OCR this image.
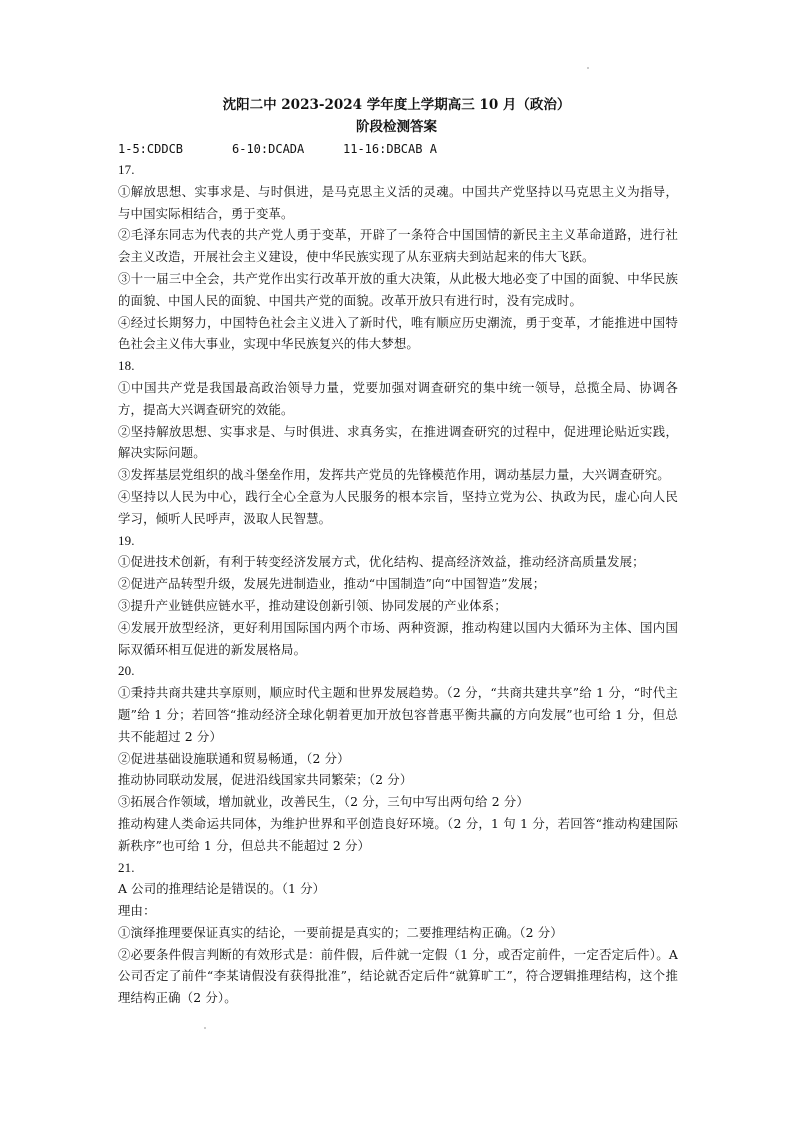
沈阳二中 2023-2024 学年度上学期高三 10 月（政治）
阶段检测答案
1-5:CDDCB	6-10:DCADA	11-16:DBCAB A

17.

①解放思想、实事求是、与时俱进，是马克思主义活的灵魂。中国共产党坚持以马克思主义为指导，与中国实际相结合，勇于变革。

②毛泽东同志为代表的共产党人勇于变革，开辟了一条符合中国国情的新民主主义革命道路，进行社会主义改造，开展社会主义建设，使中华民族实现了从东亚病夫到站起来的伟大飞跃。

③十一届三中全会，共产党作出实行改革开放的重大决策，从此极大地必变了中国的面貌、中华民族的面貌、中国人民的面貌、中国共产党的面貌。改革开放只有进行时，没有完成时。

④经过长期努力，中国特色社会主义进入了新时代，唯有顺应历史潮流，勇于变革，才能推进中国特色社会主义伟大事业，实现中华民族复兴的伟大梦想。

18.

①中国共产党是我国最高政治领导力量，党要加强对调查研究的集中统一领导，总揽全局、协调各方，提高大兴调查研究的效能。

②坚持解放思想、实事求是、与时俱进、求真务实，在推进调查研究的过程中，促进理论贴近实践，解决实际问题。

③发挥基层党组织的战斗堡垒作用，发挥共产党员的先锋模范作用，调动基层力量，大兴调查研究。

④坚持以人民为中心，践行全心全意为人民服务的根本宗旨，坚持立党为公、执政为民，虚心向人民学习，倾听人民呼声，汲取人民智慧。

19.

①促进技术创新，有利于转变经济发展方式，优化结构、提高经济效益，推动经济高质量发展；

②促进产品转型升级，发展先进制造业，推动“中国制造”向“中国智造”发展；

③提升产业链供应链水平，推动建设创新引领、协同发展的产业体系；

④发展开放型经济，更好利用国际国内两个市场、两种资源，推动构建以国内大循环为主体、国内国际双循环相互促进的新发展格局。

20.

①秉持共商共建共享原则，顺应时代主题和世界发展趋势。（2 分，“共商共建共享”给 1 分，“时代主题”给 1 分；若回答“推动经济全球化朝着更加开放包容普惠平衡共赢的方向发展”也可给 1 分，但总共不能超过 2 分）

②促进基础设施联通和贸易畅通，（2 分）

推动协同联动发展，促进沿线国家共同繁荣；（2 分）

③拓展合作领域，增加就业，改善民生，（2 分，三句中写出两句给 2 分）

推动构建人类命运共同体，为维护世界和平创造良好环境。（2 分，1 句 1 分，若回答“推动构建国际新秩序”也可给 1 分，但总共不能超过 2 分）

21.

A 公司的推理结论是错误的。（1 分）

理由：

①演绎推理要保证真实的结论，一要前提是真实的；二要推理结构正确。（2 分）

②必要条件假言判断的有效形式是：前件假，后件就一定假（1 分，或否定前件，一定否定后件）。A 公司否定了前件“李某请假没有获得批准”，结论就否定后件“就算旷工”，符合逻辑推理结构，这个推理结构正确（2 分）。
